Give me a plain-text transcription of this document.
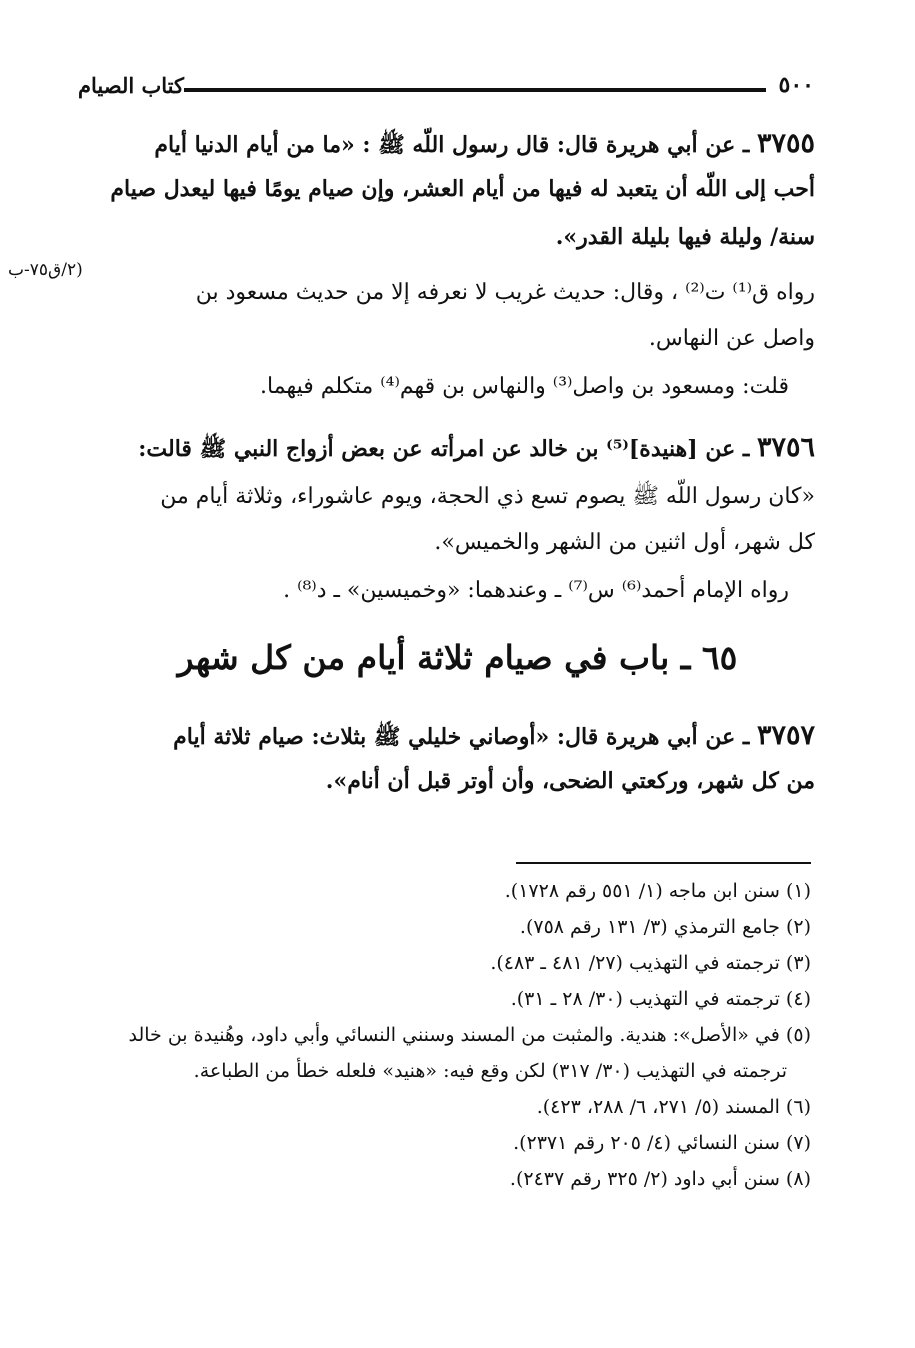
٥٠٠
كتاب الصيام
٣٧٥٥ ـ عن أبي هريرة قال: قال رسول اللّه ﷺ : «ما من أيام الدنيا أيام
أحب إلى اللّه أن يتعبد له فيها من أيام العشر، وإن صيام يومًا فيها ليعدل صيام
سنة/ وليلة فيها بليلة القدر».
٢/ق٧٥-ب)
رواه ق⁽¹⁾ ت⁽²⁾ ، وقال: حديث غريب لا نعرفه إلا من حديث مسعود بن
واصل عن النهاس.
قلت: ومسعود بن واصل⁽³⁾ والنهاس بن قهم⁽⁴⁾ متكلم فيهما.
٣٧٥٦ ـ عن [هنيدة]⁽⁵⁾ بن خالد عن امرأته عن بعض أزواج النبي ﷺ قالت:
«كان رسول اللّه ﷺ يصوم تسع ذي الحجة، ويوم عاشوراء، وثلاثة أيام من
كل شهر، أول اثنين من الشهر والخميس».
رواه الإمام أحمد⁽⁶⁾ س⁽⁷⁾ ـ وعندهما: «وخميسين» ـ د⁽⁸⁾ .
٦٥ ـ باب في صيام ثلاثة أيام من كل شهر
٣٧٥٧ ـ عن أبي هريرة قال: «أوصاني خليلي ﷺ بثلاث: صيام ثلاثة أيام
من كل شهر، وركعتي الضحى، وأن أوتر قبل أن أنام».
(١) سنن ابن ماجه (١/ ٥٥١ رقم ١٧٢٨).
(٢) جامع الترمذي (٣/ ١٣١ رقم ٧٥٨).
(٣) ترجمته في التهذيب (٢٧/ ٤٨١ ـ ٤٨٣).
(٤) ترجمته في التهذيب (٣٠/ ٢٨ ـ ٣١).
(٥) في «الأصل»: هندية. والمثبت من المسند وسنني النسائي وأبي داود، وهُنيدة بن خالد
ترجمته في التهذيب (٣٠/ ٣١٧) لكن وقع فيه: «هنيد» فلعله خطأ من الطباعة.
(٦) المسند (٥/ ٢٧١، ٦/ ٢٨٨، ٤٢٣).
(٧) سنن النسائي (٤/ ٢٠٥ رقم ٢٣٧١).
(٨) سنن أبي داود (٢/ ٣٢٥ رقم ٢٤٣٧).
